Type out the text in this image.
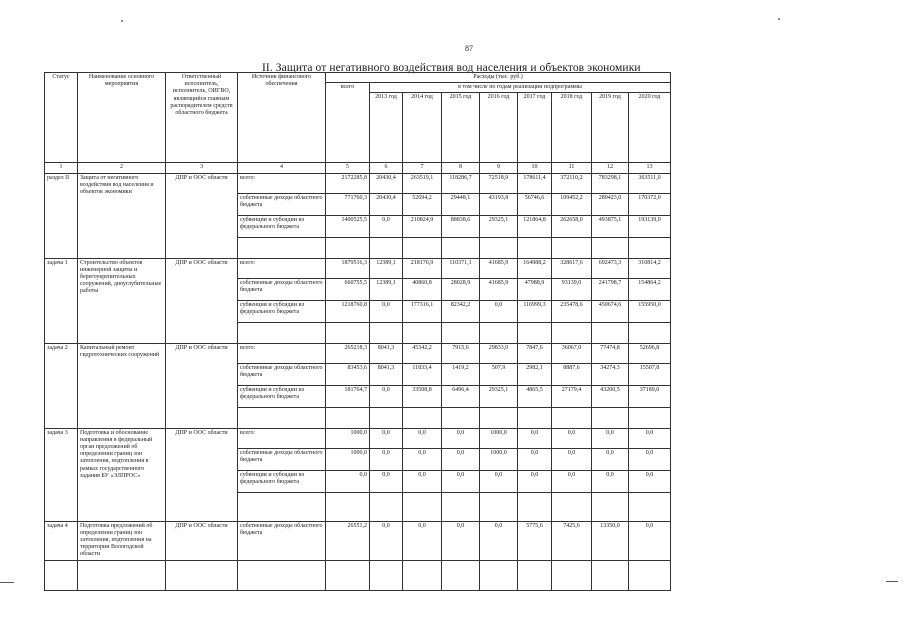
87
II. Защита от негативного воздействия вод населения и объектов экономики
Статус	Наименование основного мероприятия	Ответственный исполнитель, исполнитель, ОИГВО, являющийся главным распорядителем средств областного бюджета	Источник финансового обеспечения	Расходы (тыс. руб.)								
				всего	в том числе по годам реализации подпрограммы							
					2013 год	2014 год	2015 год	2016 год	2017 год	2018 год	2019 год	2020 год
1	2	3	4	5	6	7	8	9	10	11	12	13
раздел II	Защита от негативного воздействия вод населения и объектов экономики	ДПР и ООС области	всего:	2172285,8	20430,4	263519,1	118286,7	72518,9	178611,4	372110,2	783298,1	363511,0
			собственные доходы областного бюджета	771760,3	20430,4	52694,2	29448,1	43193,8	56746,6	109452,2	289423,0	170372,0
			субвенции и субсидии из федерального бюджета	1400525,5	0,0	210824,9	88838,6	29325,1	121864,8	262658,0	493875,1	193139,0

задача 1	Строительство объектов инженерной защиты и берегоукрепительных сооружений, дноуглубительные работы	ДПР и ООС области	всего:	1879516,3	12389,1	218176,9	110371,1	41685,9	164988,2	328617,6	692473,3	310814,2
			собственные доходы областного бюджета	660755,5	12389,1	40860,8	28028,9	41685,9	47988,9	93139,0	241798,7	154864,2
			субвенции и субсидии из федерального бюджета	1218760,8	0,0	177316,1	82342,2	0,0	116999,3	235478,6	450674,6	155950,0

задача 2	Капитальный ремонт гидротехнических сооружений	ДПР и ООС области	всего:	265218,3	8041,3	45342,2	7915,6	29833,0	7847,6	36067,0	77474,8	52696,8
			собственные доходы областного бюджета	83453,6	8041,3	11833,4	1419,2	507,9	2982,1	8887,6	34274,3	15507,8
			субвенции и субсидии из федерального бюджета	181764,7	0,0	33508,8	6496,4	29325,1	4865,5	27179,4	43200,5	37189,0

задача 3	Подготовка и обоснование направления в федеральный орган предложений об определении границ зон затопления, подтопления в рамках государственного задания БУ «ЭЛПРОС»	ДПР и ООС области	всего:	1000,0	0,0	0,0	0,0	1000,0	0,0	0,0	0,0	0,0
			собственные доходы областного бюджета	1000,0	0,0	0,0	0,0	1000,0	0,0	0,0	0,0	0,0
			субвенции и субсидии из федерального бюджета	0,0	0,0	0,0	0,0	0,0	0,0	0,0	0,0	0,0

задача 4	Подготовка предложений об определении границ зон затопления, подтопления на территории Вологодской области	ДПР и ООС области	собственные доходы областного бюджета	26551,2	0,0	0,0	0,0	0,0	5775,6	7425,6	13350,0	0,0
